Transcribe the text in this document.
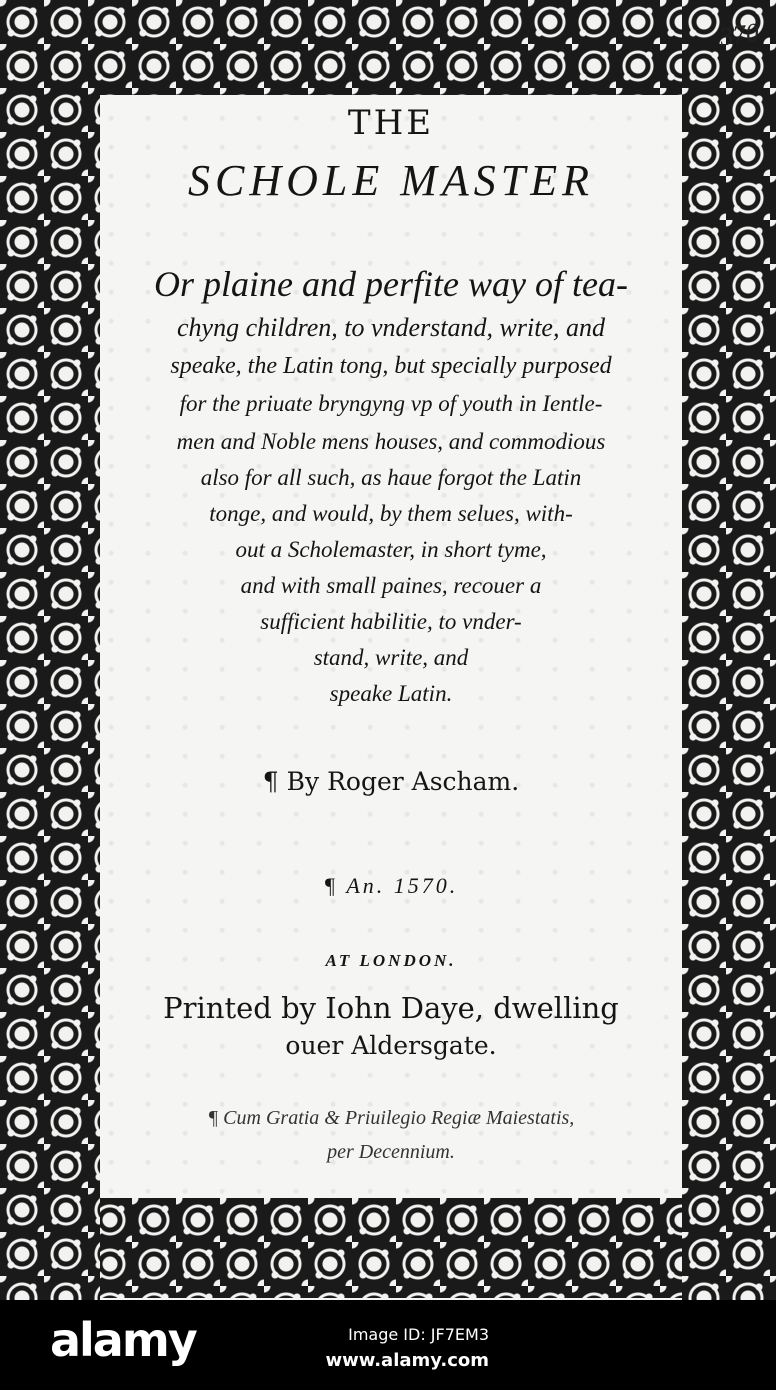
370
THE
SCHOLE MASTER
Or plaine and perfite way of tea-
chyng children, to vnderstand, write, and
speake, the Latin tong, but specially purposed
for the priuate bryngyng vp of youth in Ientle-
men and Noble mens houses, and commodious
also for all such, as haue forgot the Latin
tonge, and would, by them selues, with-
out a Scholemaster, in short tyme,
and with small paines, recouer a
sufficient habilitie, to vnder-
stand, write, and
speake Latin.
¶ By Roger Ascham.
¶ An. 1570.
AT LONDON.
Printed by Iohn Daye, dwelling
ouer Aldersgate.
¶ Cum Gratia & Priuilegio Regiæ Maiestatis,
per Decennium.
alamy	Image ID: JF7EM3
www.alamy.com
